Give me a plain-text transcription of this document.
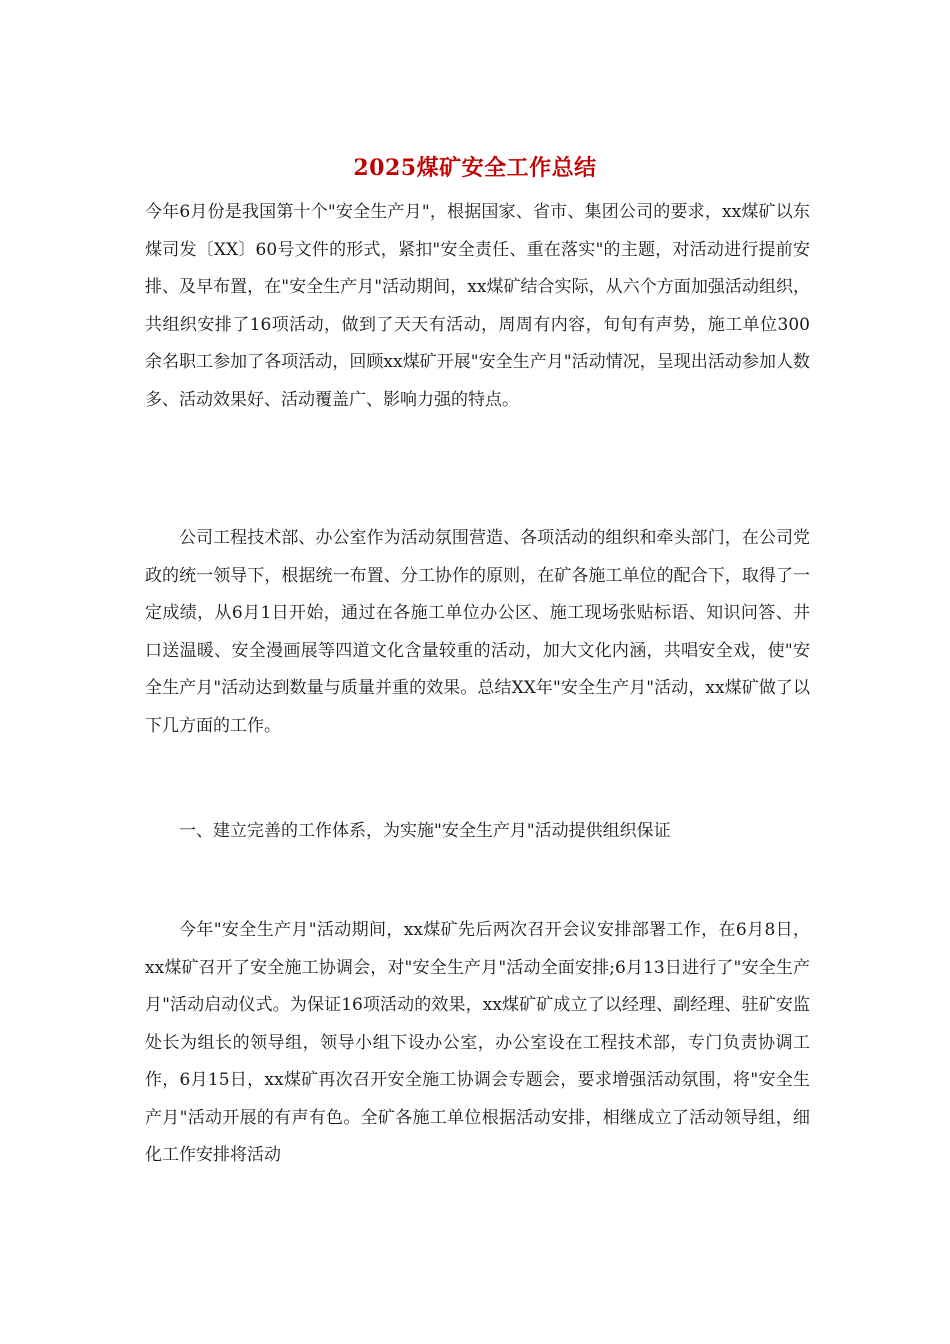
2025煤矿安全工作总结

今年6月份是我国第十个"安全生产月"，根据国家、省市、集团公司的要求，xx煤矿以东煤司发〔XX〕60号文件的形式，紧扣"安全责任、重在落实"的主题，对活动进行提前安排、及早布置，在"安全生产月"活动期间，xx煤矿结合实际，从六个方面加强活动组织，共组织安排了16项活动，做到了天天有活动，周周有内容，旬旬有声势，施工单位300余名职工参加了各项活动，回顾xx煤矿开展"安全生产月"活动情况，呈现出活动参加人数多、活动效果好、活动覆盖广、影响力强的特点。

公司工程技术部、办公室作为活动氛围营造、各项活动的组织和牵头部门，在公司党政的统一领导下，根据统一布置、分工协作的原则，在矿各施工单位的配合下，取得了一定成绩，从6月1日开始，通过在各施工单位办公区、施工现场张贴标语、知识问答、井口送温暖、安全漫画展等四道文化含量较重的活动，加大文化内涵，共唱安全戏，使"安全生产月"活动达到数量与质量并重的效果。总结XX年"安全生产月"活动，xx煤矿做了以下几方面的工作。

一、建立完善的工作体系，为实施"安全生产月"活动提供组织保证

今年"安全生产月"活动期间，xx煤矿先后两次召开会议安排部署工作，在6月8日，xx煤矿召开了安全施工协调会，对"安全生产月"活动全面安排;6月13日进行了"安全生产月"活动启动仪式。为保证16项活动的效果，xx煤矿矿成立了以经理、副经理、驻矿安监处长为组长的领导组，领导小组下设办公室，办公室设在工程技术部，专门负责协调工作，6月15日，xx煤矿再次召开安全施工协调会专题会，要求增强活动氛围，将"安全生产月"活动开展的有声有色。全矿各施工单位根据活动安排，相继成立了活动领导组，细化工作安排将活动
